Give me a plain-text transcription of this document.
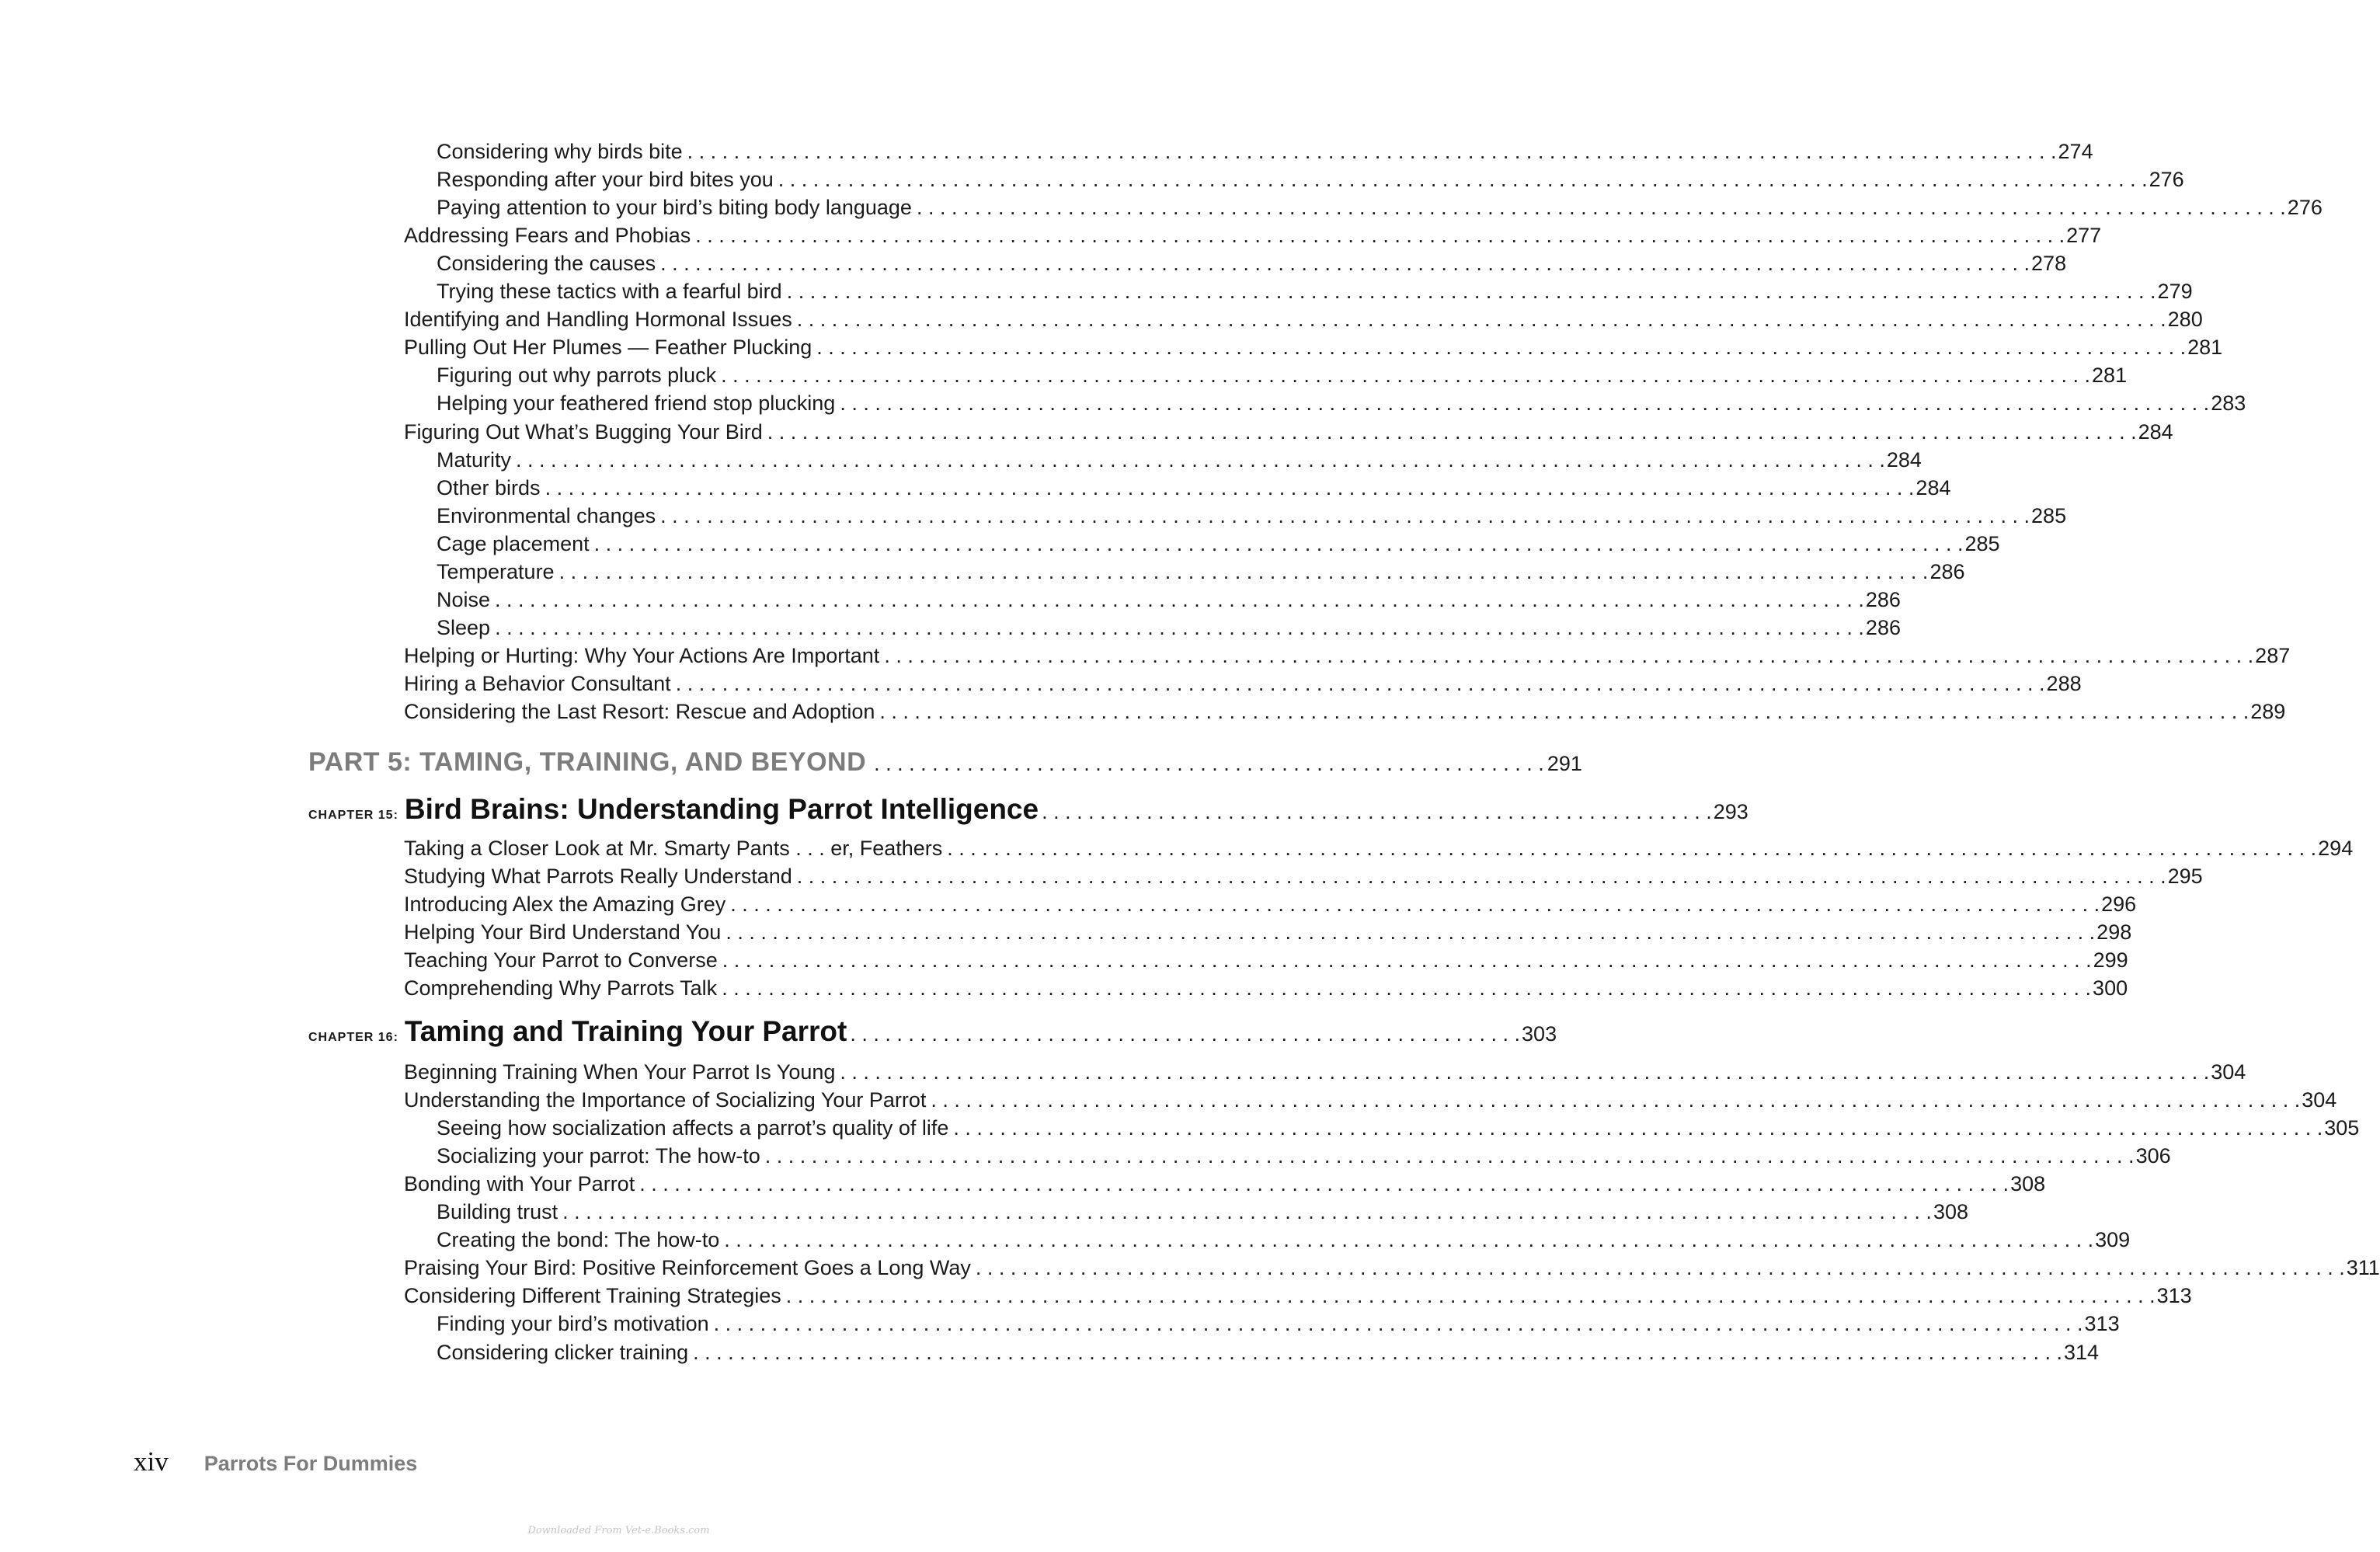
Considering why birds bite . . .	274
Responding after your bird bites you . . .	276
Paying attention to your bird’s biting body language . . .	276
Addressing Fears and Phobias . . .	277
Considering the causes . . .	278
Trying these tactics with a fearful bird . . .	279
Identifying and Handling Hormonal Issues . . .	280
Pulling Out Her Plumes — Feather Plucking . . .	281
Figuring out why parrots pluck . . .	281
Helping your feathered friend stop plucking . . .	283
Figuring Out What’s Bugging Your Bird . . .	284
Maturity . . .	284
Other birds . . .	284
Environmental changes . . .	285
Cage placement . . .	285
Temperature . . .	286
Noise . . .	286
Sleep . . .	286
Helping or Hurting: Why Your Actions Are Important . . .	287
Hiring a Behavior Consultant . . .	288
Considering the Last Resort: Rescue and Adoption . . .	289
PART 5: TAMING, TRAINING, AND BEYOND . . .	291
CHAPTER 15: Bird Brains: Understanding Parrot Intelligence . . .	293
Taking a Closer Look at Mr. Smarty Pants . . . er, Feathers . . .	294
Studying What Parrots Really Understand . . .	295
Introducing Alex the Amazing Grey . . .	296
Helping Your Bird Understand You . . .	298
Teaching Your Parrot to Converse . . .	299
Comprehending Why Parrots Talk . . .	300
CHAPTER 16: Taming and Training Your Parrot . . .	303
Beginning Training When Your Parrot Is Young . . .	304
Understanding the Importance of Socializing Your Parrot . . .	304
Seeing how socialization affects a parrot’s quality of life . . .	305
Socializing your parrot: The how-to . . .	306
Bonding with Your Parrot . . .	308
Building trust . . .	308
Creating the bond: The how-to . . .	309
Praising Your Bird: Positive Reinforcement Goes a Long Way . . .	311
Considering Different Training Strategies . . .	313
Finding your bird’s motivation . . .	313
Considering clicker training . . .	314
xiv Parrots For Dummies
Downloaded From Vet-e.Books.com
